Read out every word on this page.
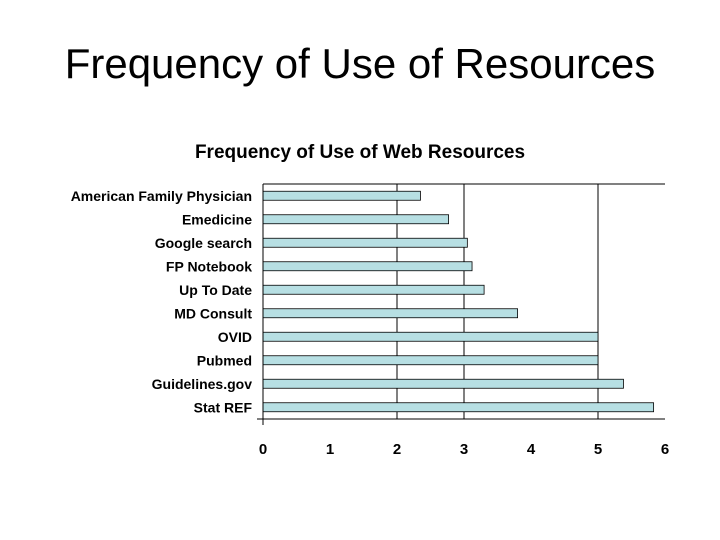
Frequency of Use of Resources
Frequency of Use of Web Resources
American Family Physician
Emedicine
Google search
FP Notebook
Up To Date
MD Consult
OVID
Pubmed
Guidelines.gov
Stat REF
0	1	2	3	4	5	6
